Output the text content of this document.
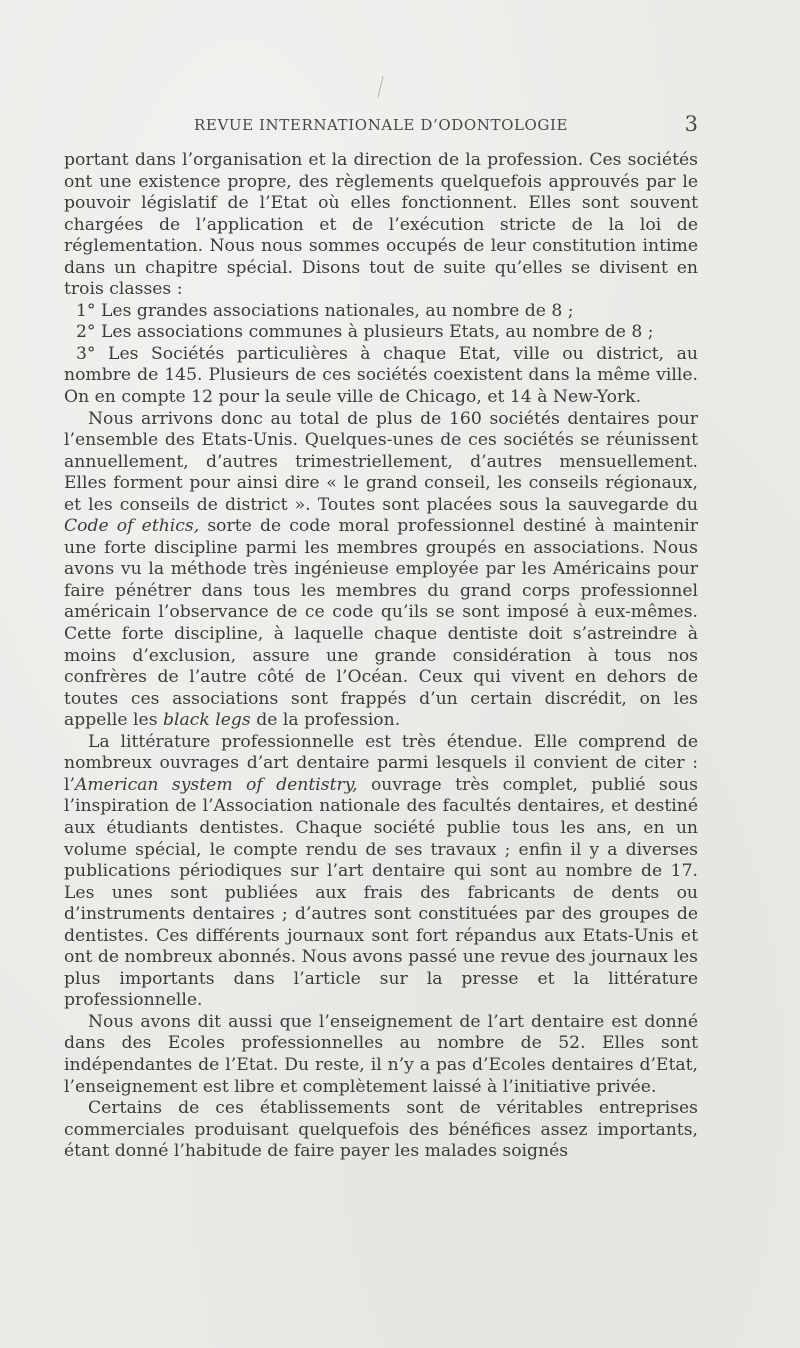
REVUE INTERNATIONALE D’ODONTOLOGIE	3

portant dans l’organisation et la direction de la profession. Ces sociétés ont une existence propre, des règlements quelquefois approuvés par le pouvoir législatif de l’Etat où elles fonctionnent. Elles sont souvent chargées de l’application et de l’exécution stricte de la loi de réglementation. Nous nous sommes occupés de leur constitution intime dans un chapitre spécial. Disons tout de suite qu’elles se divisent en trois classes :

1° Les grandes associations nationales, au nombre de 8 ;

2° Les associations communes à plusieurs Etats, au nombre de 8 ;

3° Les Sociétés particulières à chaque Etat, ville ou district, au nombre de 145. Plusieurs de ces sociétés coexistent dans la même ville. On en compte 12 pour la seule ville de Chicago, et 14 à New-York.

Nous arrivons donc au total de plus de 160 sociétés dentaires pour l’ensemble des Etats-Unis. Quelques-unes de ces sociétés se réunissent annuellement, d’autres trimestriellement, d’autres mensuellement. Elles forment pour ainsi dire « le grand conseil, les conseils régionaux, et les conseils de district ». Toutes sont placées sous la sauvegarde du Code of ethics, sorte de code moral professionnel destiné à maintenir une forte discipline parmi les membres groupés en associations. Nous avons vu la méthode très ingénieuse employée par les Américains pour faire pénétrer dans tous les membres du grand corps professionnel américain l’observance de ce code qu’ils se sont imposé à eux-mêmes. Cette forte discipline, à laquelle chaque dentiste doit s’astreindre à moins d’exclusion, assure une grande considération à tous nos confrères de l’autre côté de l’Océan. Ceux qui vivent en dehors de toutes ces associations sont frappés d’un certain discrédit, on les appelle les black legs de la profession.

La littérature professionnelle est très étendue. Elle comprend de nombreux ouvrages d’art dentaire parmi lesquels il convient de citer : l’American system of dentistry, ouvrage très complet, publié sous l’inspiration de l’Association nationale des facultés dentaires, et destiné aux étudiants dentistes. Chaque société publie tous les ans, en un volume spécial, le compte rendu de ses travaux ; enfin il y a diverses publications périodiques sur l’art dentaire qui sont au nombre de 17. Les unes sont publiées aux frais des fabricants de dents ou d’instruments dentaires ; d’autres sont constituées par des groupes de dentistes. Ces différents journaux sont fort répandus aux Etats-Unis et ont de nombreux abonnés. Nous avons passé une revue des journaux les plus importants dans l’article sur la presse et la littérature professionnelle.

Nous avons dit aussi que l’enseignement de l’art dentaire est donné dans des Ecoles professionnelles au nombre de 52. Elles sont indépendantes de l’Etat. Du reste, il n’y a pas d’Ecoles dentaires d’Etat, l’enseignement est libre et complètement laissé à l’initiative privée.

Certains de ces établissements sont de véritables entreprises commerciales produisant quelquefois des bénéfices assez importants, étant donné l’habitude de faire payer les malades soignés
